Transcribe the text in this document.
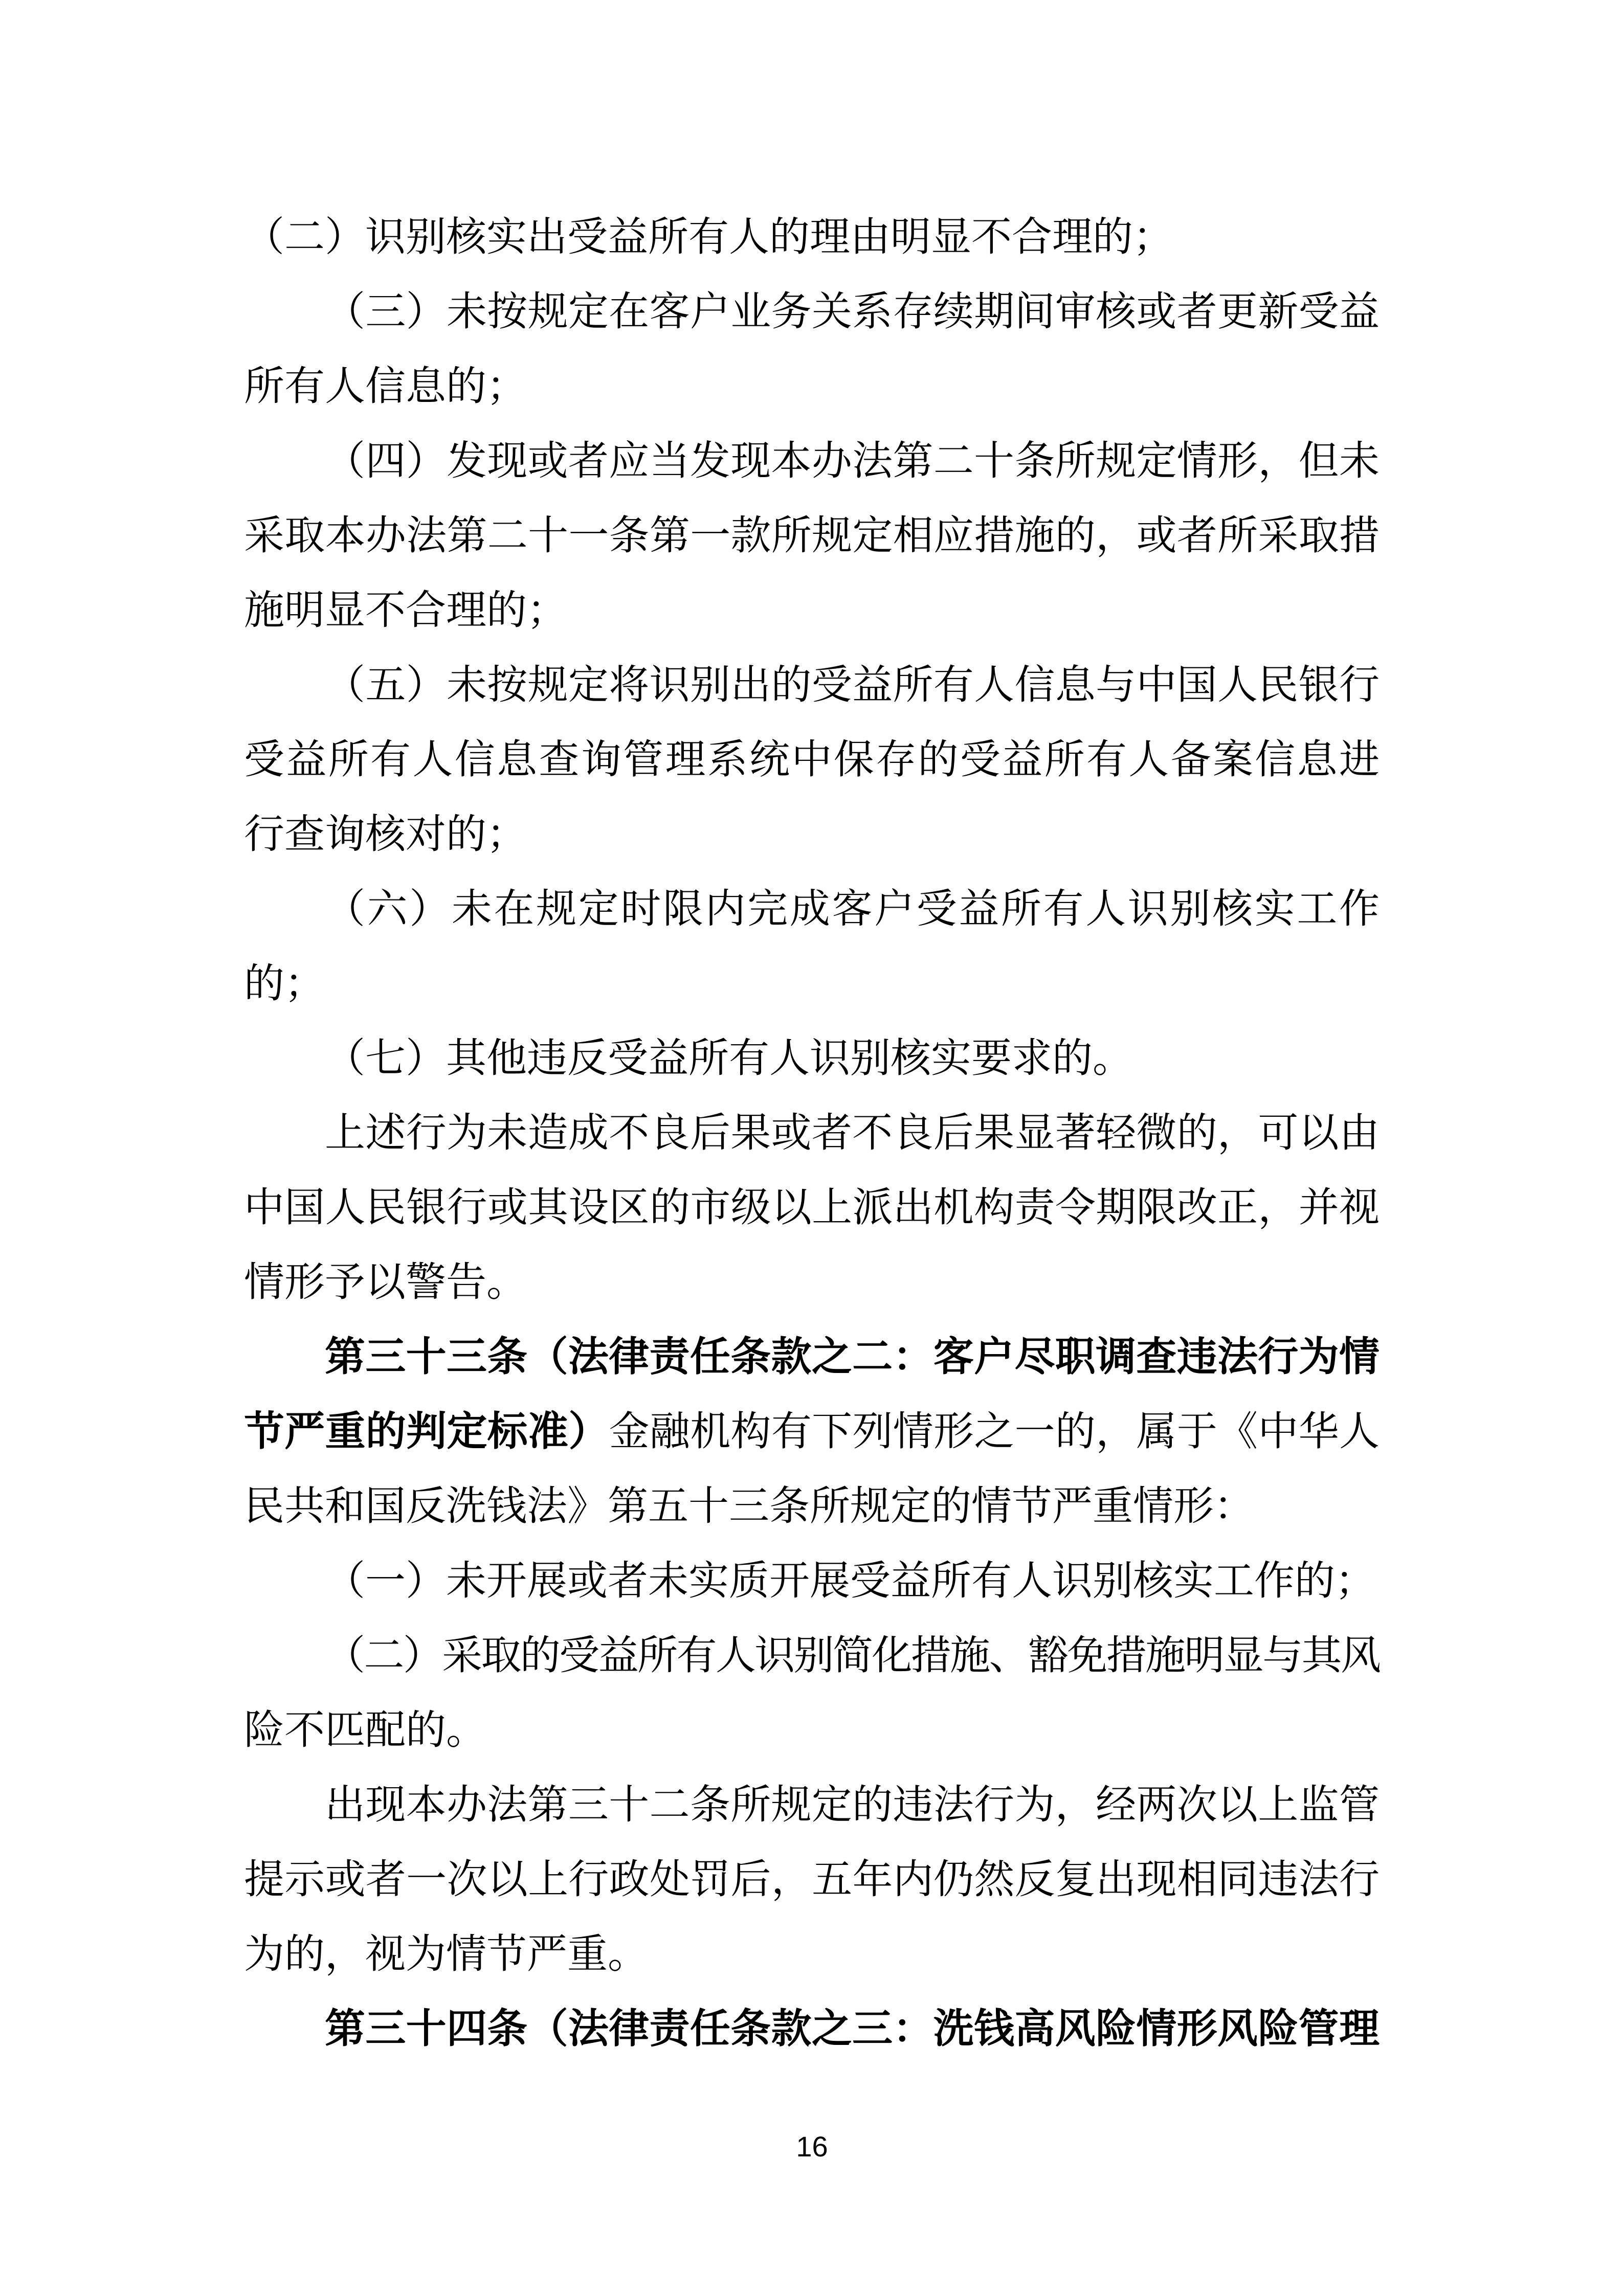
（二）识别核实出受益所有人的理由明显不合理的；

（三）未按规定在客户业务关系存续期间审核或者更新受益
所有人信息的；

（四）发现或者应当发现本办法第二十条所规定情形，但未
采取本办法第二十一条第一款所规定相应措施的，或者所采取措
施明显不合理的；

（五）未按规定将识别出的受益所有人信息与中国人民银行
受益所有人信息查询管理系统中保存的受益所有人备案信息进
行查询核对的；

（六）未在规定时限内完成客户受益所有人识别核实工作
的；

（七）其他违反受益所有人识别核实要求的。

上述行为未造成不良后果或者不良后果显著轻微的，可以由
中国人民银行或其设区的市级以上派出机构责令期限改正，并视
情形予以警告。

第三十三条（法律责任条款之二：客户尽职调查违法行为情
节严重的判定标准）金融机构有下列情形之一的，属于《中华人
民共和国反洗钱法》第五十三条所规定的情节严重情形：

（一）未开展或者未实质开展受益所有人识别核实工作的；

（二）采取的受益所有人识别简化措施、豁免措施明显与其风
险不匹配的。

出现本办法第三十二条所规定的违法行为，经两次以上监管
提示或者一次以上行政处罚后，五年内仍然反复出现相同违法行
为的，视为情节严重。

第三十四条（法律责任条款之三：洗钱高风险情形风险管理

16
